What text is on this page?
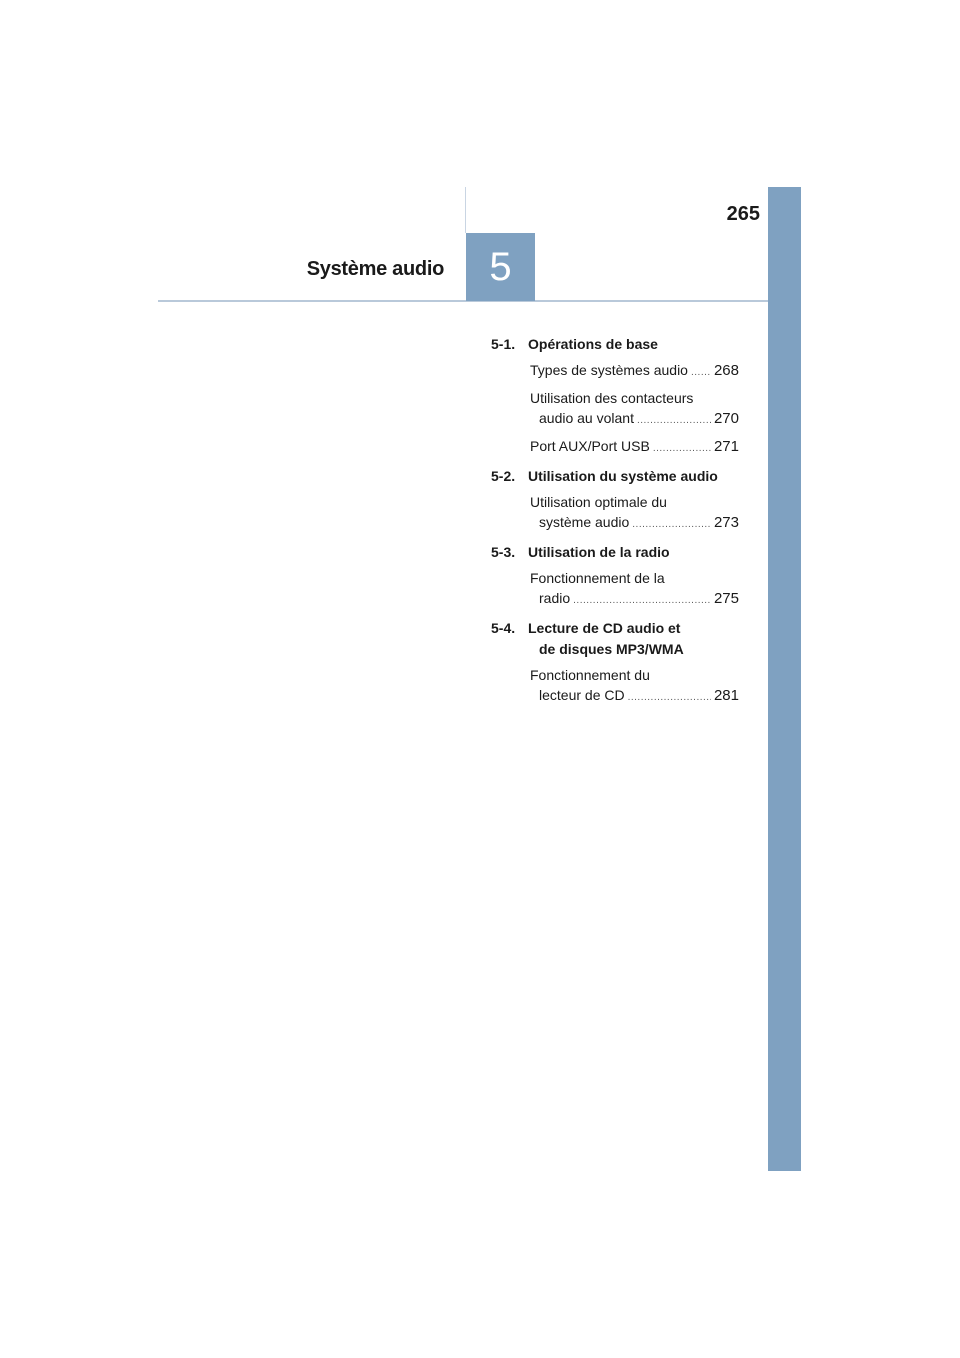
265
Système audio	5
5-1. Opérations de base
Types de systèmes audio ..... 268
Utilisation des contacteurs
audio au volant .....	270
Port AUX/Port USB .....	271
5-2. Utilisation du système audio
Utilisation optimale du
système audio .....	273
5-3. Utilisation de la radio
Fonctionnement de la
radio .....	275
5-4. Lecture de CD audio et
de disques MP3/WMA
Fonctionnement du
lecteur de CD .....	281
